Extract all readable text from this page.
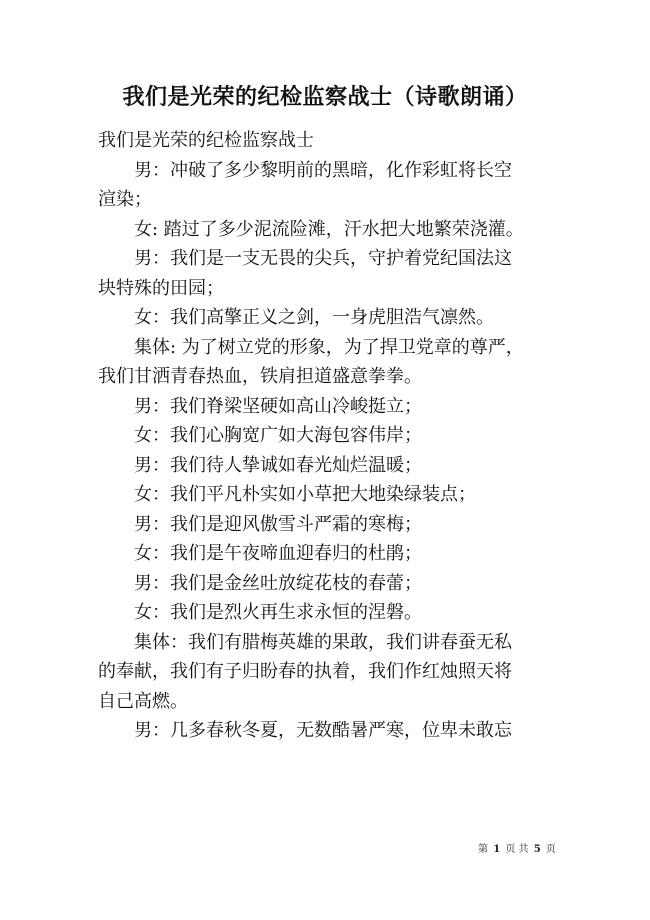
我们是光荣的纪检监察战士（诗歌朗诵）
我们是光荣的纪检监察战士
男：冲破了多少黎明前的黑暗，化作彩虹将长空
渲染；
女: 踏过了多少泥流险滩，汗水把大地繁荣浇灌。
男：我们是一支无畏的尖兵，守护着党纪国法这
块特殊的田园；
女：我们高擎正义之剑，一身虎胆浩气凛然。
集体: 为了树立党的形象，为了捍卫党章的尊严，
我们甘洒青春热血，铁肩担道盛意拳拳。
男：我们脊梁坚硬如高山冷峻挺立；
女：我们心胸宽广如大海包容伟岸；
男：我们待人挚诚如春光灿烂温暖；
女：我们平凡朴实如小草把大地染绿装点；
男：我们是迎风傲雪斗严霜的寒梅；
女：我们是午夜啼血迎春归的杜鹃；
男：我们是金丝吐放绽花枝的春蕾；
女：我们是烈火再生求永恒的涅磐。
集体：我们有腊梅英雄的果敢，我们讲春蚕无私
的奉献，我们有子归盼春的执着，我们作红烛照天将
自己高燃。
男：几多春秋冬夏，无数酷暑严寒，位卑未敢忘
第 1 页 共 5 页
